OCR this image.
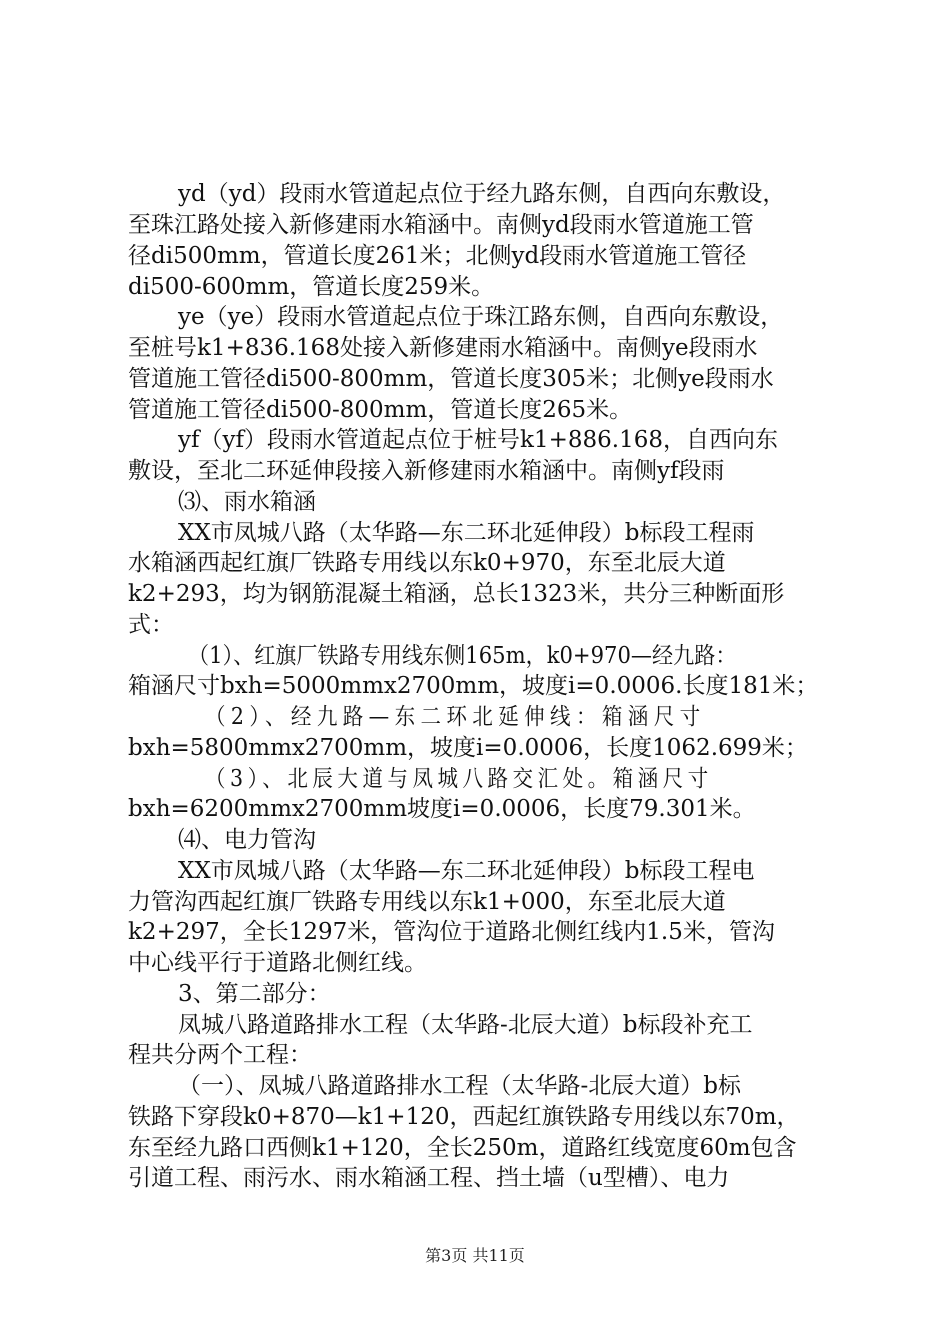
yd（yd）段雨水管道起点位于经九路东侧，自西向东敷设，
至珠江路处接入新修建雨水箱涵中。南侧yd段雨水管道施工管
径di500mm，管道长度261米；北侧yd段雨水管道施工管径
di500-600mm，管道长度259米。
ye（ye）段雨水管道起点位于珠江路东侧，自西向东敷设，
至桩号k1+836.168处接入新修建雨水箱涵中。南侧ye段雨水
管道施工管径di500-800mm，管道长度305米；北侧ye段雨水
管道施工管径di500-800mm，管道长度265米。
yf（yf）段雨水管道起点位于桩号k1+886.168，自西向东
敷设，至北二环延伸段接入新修建雨水箱涵中。南侧yf段雨
⑶、雨水箱涵
XX市凤城八路（太华路—东二环北延伸段）b标段工程雨
水箱涵西起红旗厂铁路专用线以东k0+970，东至北辰大道
k2+293，均为钢筋混凝土箱涵，总长1323米，共分三种断面形
式：
（1）、红旗厂铁路专用线东侧165m，k0+970—经九路：
箱涵尺寸bxh=5000mmx2700mm，坡度i=0.0006.长度181米；
（2）、经九路—东二环北延伸线：箱涵尺寸
bxh=5800mmx2700mm，坡度i=0.0006，长度1062.699米；
（3）、北辰大道与凤城八路交汇处。箱涵尺寸
bxh=6200mmx2700mm坡度i=0.0006，长度79.301米。
⑷、电力管沟
XX市凤城八路（太华路—东二环北延伸段）b标段工程电
力管沟西起红旗厂铁路专用线以东k1+000，东至北辰大道
k2+297，全长1297米，管沟位于道路北侧红线内1.5米，管沟
中心线平行于道路北侧红线。
3、第二部分：
凤城八路道路排水工程（太华路-北辰大道）b标段补充工
程共分两个工程：
（一）、凤城八路道路排水工程（太华路-北辰大道）b标
铁路下穿段k0+870—k1+120，西起红旗铁路专用线以东70m，
东至经九路口西侧k1+120，全长250m，道路红线宽度60m包含
引道工程、雨污水、雨水箱涵工程、挡土墙（u型槽）、电力
第3页 共11页
